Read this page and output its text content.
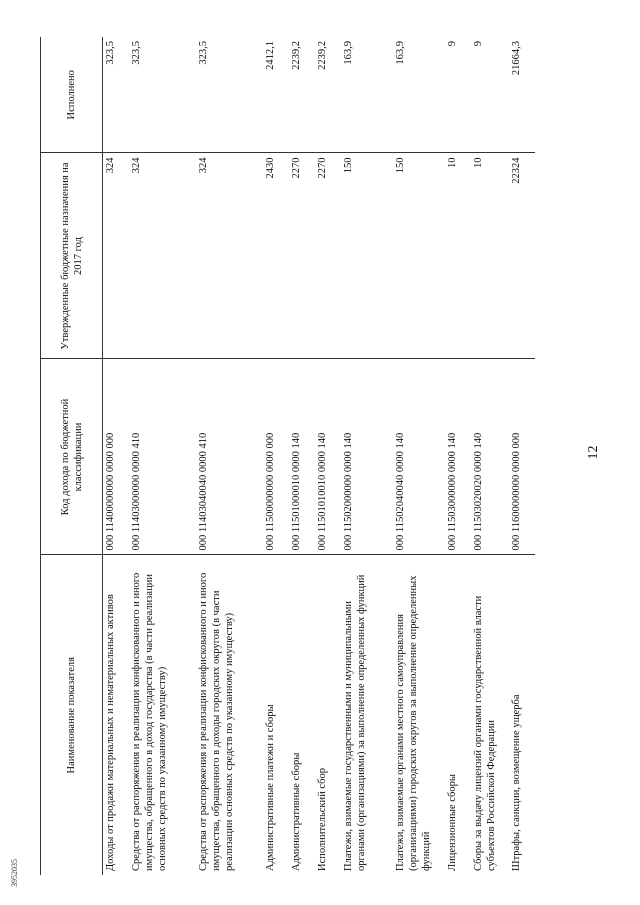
12
3952035
Наименование показателя	Код дохода по бюджетной классификации	Утвержденные бюджетные назначения на 2017 год	Исполнено
Доходы от продажи материальных и нематериальных активов	000 11400000000 0000 000	324	323,5
Средства от распоряжения и реализации конфискованного и иного имущества, обращенного в доход государства (в части реализации основных средств по указанному имуществу)	000 11403000000 0000 410	324	323,5
Средства от распоряжения и реализации конфискованного и иного имущества, обращенного в доходы городских округов (в части реализации основных средств по указанному имуществу)	000 11403040040 0000 410	324	323,5
Административные платежи и сборы	000 11500000000 0000 000	2430	2412,1
Административные сборы	000 11501000010 0000 140	2270	2239,2
Исполнительский сбор	000 11501010010 0000 140	2270	2239,2
Платежи, взимаемые государственными и муниципальными органами (организациями) за выполнение определенных функций	000 11502000000 0000 140	150	163,9
Платежи, взимаемые органами местного самоуправления (организациями) городских округов за выполнение определенных функций	000 11502040040 0000 140	150	163,9
Лицензионные сборы	000 11503000000 0000 140	10	9
Сборы за выдачу лицензий органами государственной власти субъектов Российской Федерации	000 11503020020 0000 140	10	9
Штрафы, санкции, возмещение ущерба	000 11600000000 0000 000	22324	21664,3
